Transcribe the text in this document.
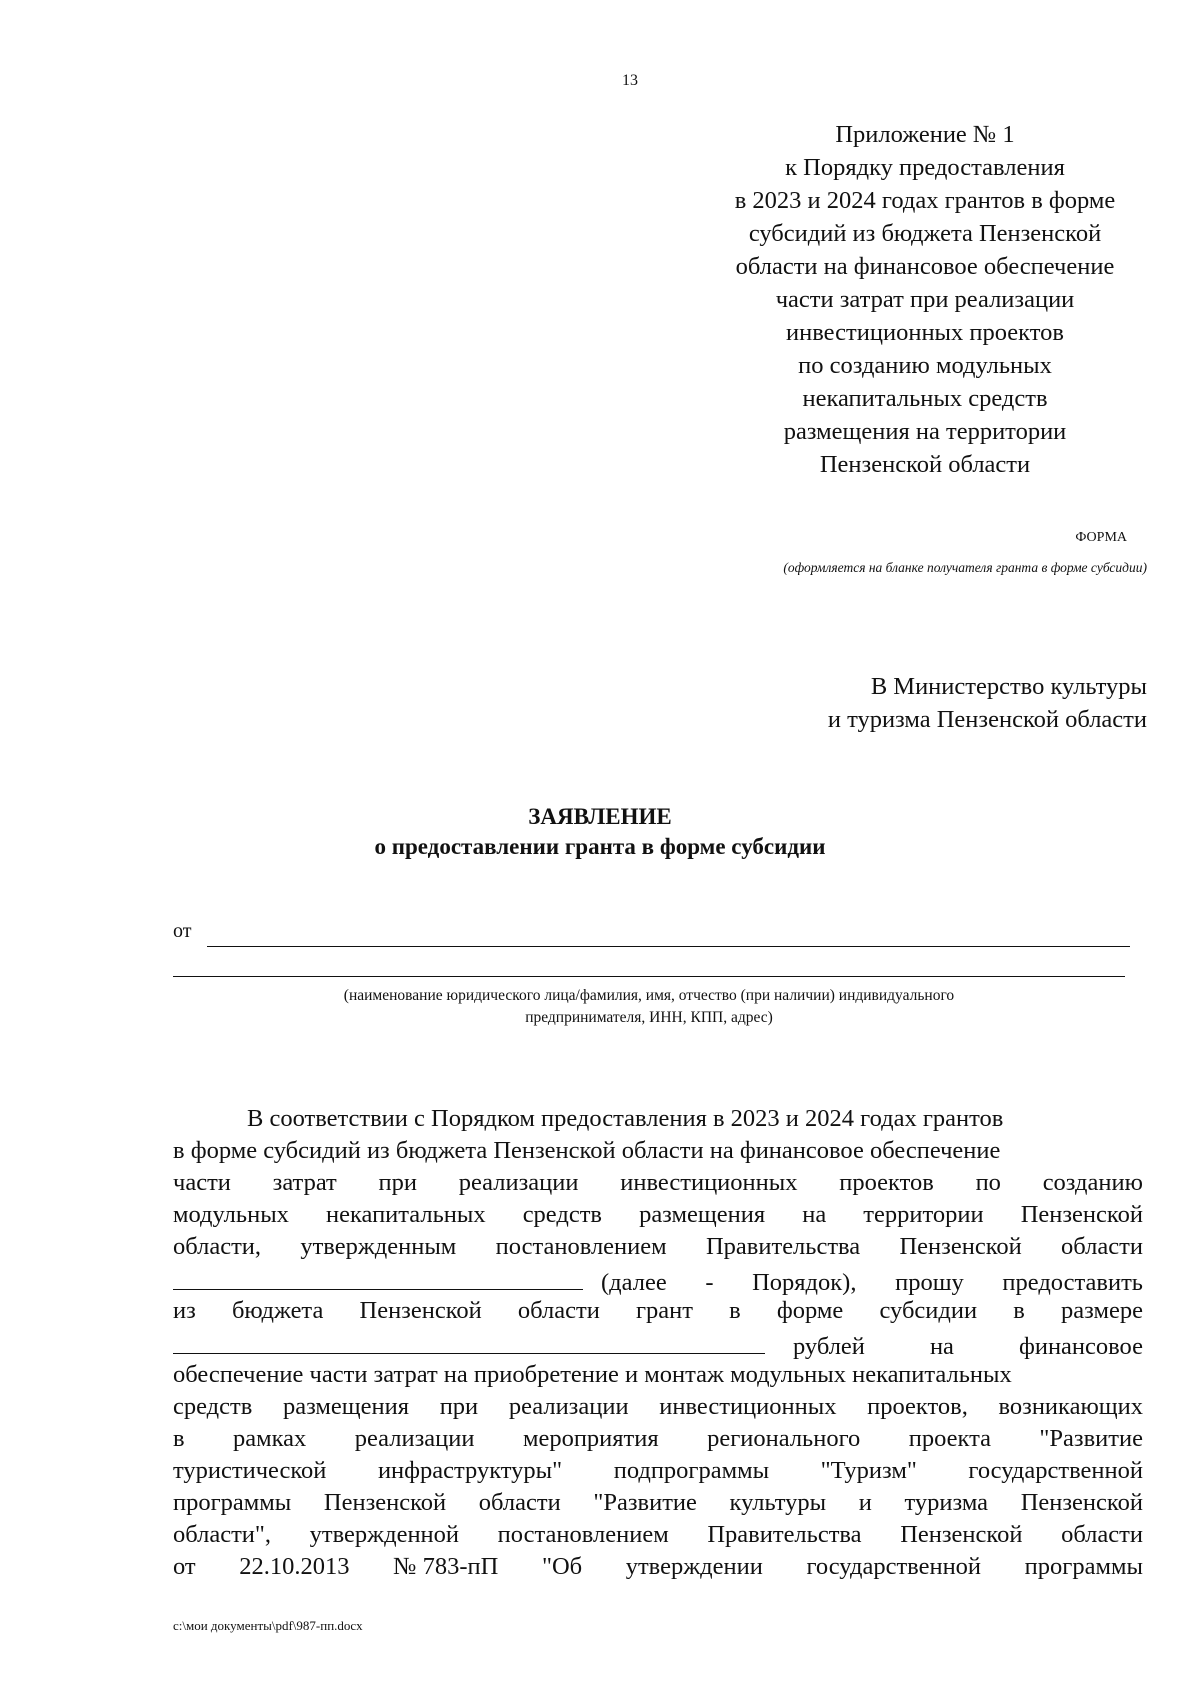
13
Приложение № 1
к Порядку предоставления
в 2023 и 2024 годах грантов в форме
субсидий из бюджета Пензенской
области на финансовое обеспечение
части затрат при реализации
инвестиционных проектов
по созданию модульных
некапитальных средств
размещения на территории
Пензенской области
ФОРМА
(оформляется на бланке получателя гранта в форме субсидии)
В Министерство культуры
и туризма Пензенской области
ЗАЯВЛЕНИЕ
о предоставлении гранта в форме субсидии
от
(наименование юридического лица/фамилия, имя, отчество (при наличии) индивидуального
предпринимателя, ИНН, КПП, адрес)
В соответствии с Порядком предоставления в 2023 и 2024 годах грантов
в форме субсидий из бюджета Пензенской области на финансовое обеспечение
части затрат при реализации инвестиционных проектов по созданию
модульных некапитальных средств размещения на территории Пензенской
области, утвержденным постановлением Правительства Пензенской области
(далее - Порядок), прошу предоставить
из бюджета Пензенской области грант в форме субсидии в размере
рублей	на	финансовое
обеспечение части затрат на приобретение и монтаж модульных некапитальных
средств размещения при реализации инвестиционных проектов, возникающих
в рамках реализации мероприятия регионального проекта "Развитие
туристической инфраструктуры" подпрограммы "Туризм" государственной
программы Пензенской области "Развитие культуры и туризма Пензенской
области", утвержденной постановлением Правительства Пензенской области
от 22.10.2013 № 783-пП "Об утверждении государственной программы
c:\мои документы\pdf\987-пп.docx
